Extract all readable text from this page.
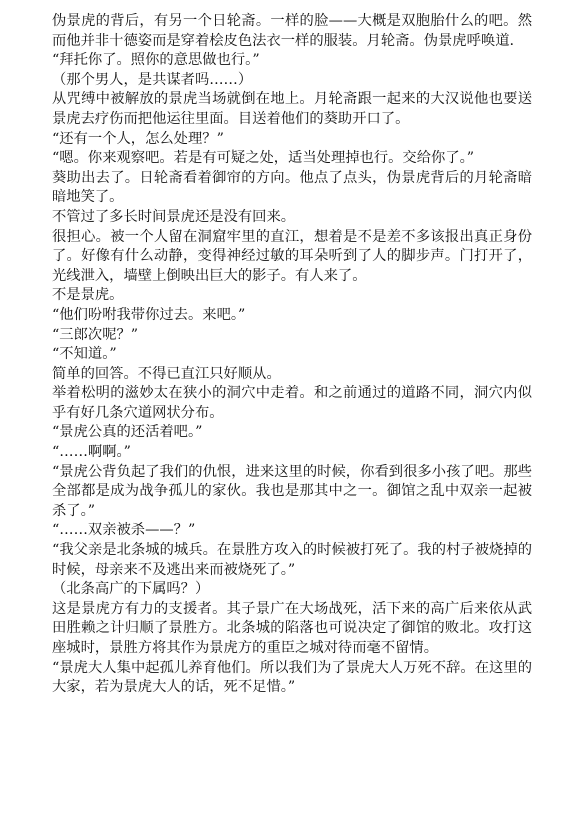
伪景虎的背后，有另一个日轮斋。一样的脸——大概是双胞胎什么的吧。然而他并非十德姿而是穿着桧皮色法衣一样的服装。月轮斋。伪景虎呼唤道.

“拜托你了。照你的意思做也行。”

（那个男人，是共谋者吗……）

从咒缚中被解放的景虎当场就倒在地上。月轮斋跟一起来的大汉说他也要送景虎去疗伤而把他运往里面。目送着他们的葵助开口了。

“还有一个人，怎么处理？”

“嗯。你来观察吧。若是有可疑之处，适当处理掉也行。交给你了。”

葵助出去了。日轮斋看着御帘的方向。他点了点头，伪景虎背后的月轮斋暗暗地笑了。

不管过了多长时间景虎还是没有回来。

很担心。被一个人留在洞窟牢里的直江，想着是不是差不多该报出真正身份了。好像有什么动静，变得神经过敏的耳朵听到了人的脚步声。门打开了，光线泄入，墙壁上倒映出巨大的影子。有人来了。

不是景虎。

“他们吩咐我带你过去。来吧。”

“三郎次呢？”

“不知道。”

简单的回答。不得已直江只好顺从。

举着松明的滋妙太在狭小的洞穴中走着。和之前通过的道路不同，洞穴内似乎有好几条穴道网状分布。

“景虎公真的还活着吧。”

“……啊啊。”

“景虎公背负起了我们的仇恨，进来这里的时候，你看到很多小孩了吧。那些全部都是成为战争孤儿的家伙。我也是那其中之一。御馆之乱中双亲一起被杀了。”

“……双亲被杀——？”

“我父亲是北条城的城兵。在景胜方攻入的时候被打死了。我的村子被烧掉的时候，母亲来不及逃出来而被烧死了。”

（北条高广的下属吗？）

这是景虎方有力的支援者。其子景广在大场战死，活下来的高广后来依从武田胜赖之计归顺了景胜方。北条城的陷落也可说决定了御馆的败北。攻打这座城时，景胜方将其作为景虎方的重臣之城对待而毫不留情。

“景虎大人集中起孤儿养育他们。所以我们为了景虎大人万死不辞。在这里的大家，若为景虎大人的话，死不足惜。”
